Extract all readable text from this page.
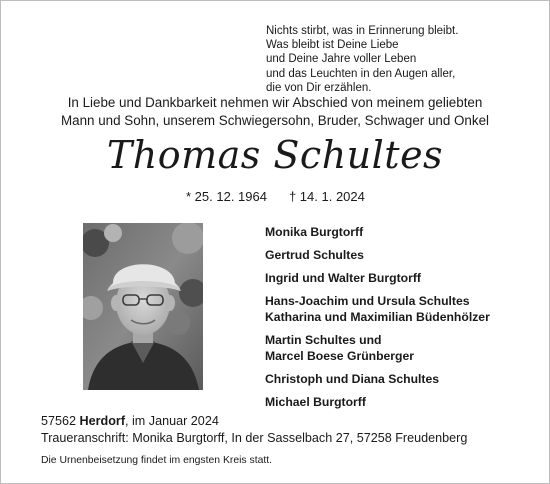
Nichts stirbt, was in Erinnerung bleibt.
Was bleibt ist Deine Liebe
und Deine Jahre voller Leben
und das Leuchten in den Augen aller,
die von Dir erzählen.
In Liebe und Dankbarkeit nehmen wir Abschied von meinem geliebten
Mann und Sohn, unserem Schwiegersohn, Bruder, Schwager und Onkel
Thomas Schultes
* 25. 12. 1964 † 14. 1. 2024
Monika Burgtorff
Gertrud Schultes
Ingrid und Walter Burgtorff
Hans-Joachim und Ursula Schultes
Katharina und Maximilian Büdenhölzer
Martin Schultes und
Marcel Boese Grünberger
Christoph und Diana Schultes
Michael Burgtorff
57562 Herdorf, im Januar 2024
Traueranschrift: Monika Burgtorff, In der Sasselbach 27, 57258 Freudenberg
Die Urnenbeisetzung findet im engsten Kreis statt.
